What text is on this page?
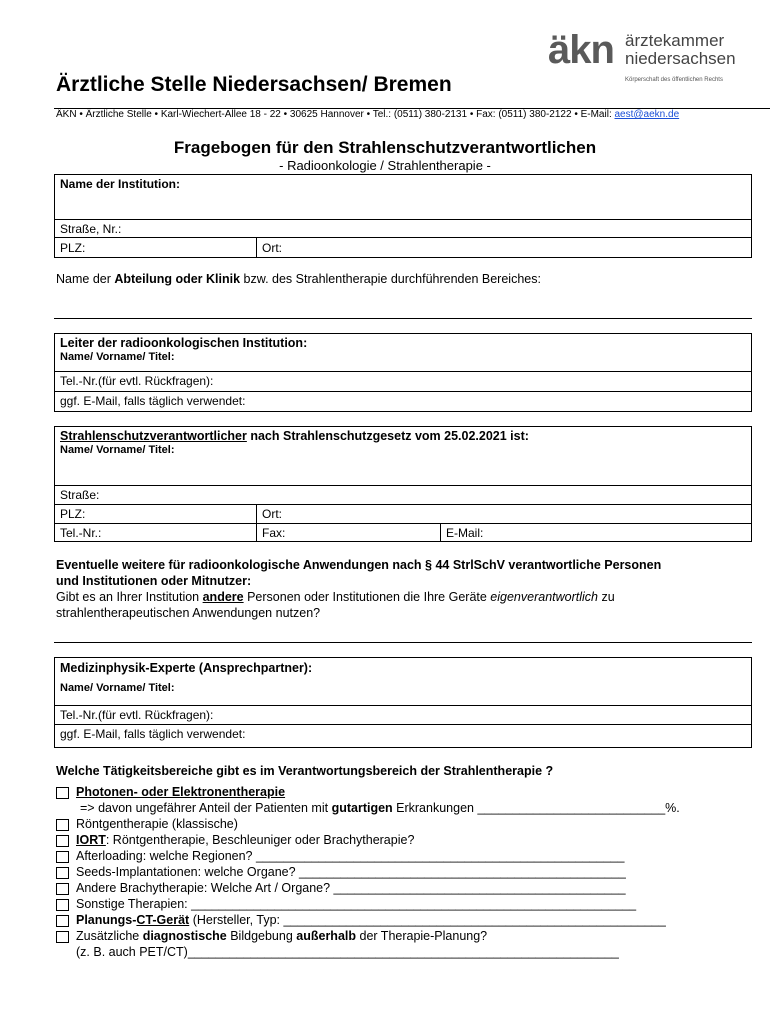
äkn ärztekammer
niedersachsen
Körperschaft des öffentlichen Rechts
Ärztliche Stelle Niedersachsen/ Bremen
ÄKN • Ärztliche Stelle • Karl-Wiechert-Allee 18 - 22 • 30625 Hannover • Tel.: (0511) 380-2131 • Fax: (0511) 380-2122 • E-Mail: aest@aekn.de
Fragebogen für den Strahlenschutzverantwortlichen
- Radioonkologie / Strahlentherapie -
Name der Institution:
Straße, Nr.:
PLZ:	Ort:
Name der Abteilung oder Klinik bzw. des Strahlentherapie durchführenden Bereiches:
Leiter der radioonkologischen Institution:
Name/ Vorname/ Titel:
Tel.-Nr.(für evtl. Rückfragen):
ggf. E-Mail, falls täglich verwendet:
Strahlenschutzverantwortlicher nach Strahlenschutzgesetz vom 25.02.2021 ist:
Name/ Vorname/ Titel:
Straße:
PLZ:	Ort:
Tel.-Nr.:	Fax:	E-Mail:
Eventuelle weitere für radioonkologische Anwendungen nach § 44 StrlSchV verantwortliche Personen
und Institutionen oder Mitnutzer:
Gibt es an Ihrer Institution andere Personen oder Institutionen die Ihre Geräte eigenverantwortlich zu
strahlentherapeutischen Anwendungen nutzen?
Medizinphysik-Experte (Ansprechpartner):
Name/ Vorname/ Titel:
Tel.-Nr.(für evtl. Rückfragen):
ggf. E-Mail, falls täglich verwendet:
Welche Tätigkeitsbereiche gibt es im Verantwortungsbereich der Strahlentherapie ?
Photonen- oder Elektronentherapie
=> davon ungefährer Anteil der Patienten mit gutartigen Erkrankungen ___________________________%.
Röntgentherapie (klassische)
IORT: Röntgentherapie, Beschleuniger oder Brachytherapie?
Afterloading: welche Regionen? _____________________________________________________
Seeds-Implantationen: welche Organe? _______________________________________________
Andere Brachytherapie: Welche Art / Organe? __________________________________________
Sonstige Therapien: ________________________________________________________________
Planungs-CT-Gerät (Hersteller, Typ: _______________________________________________________
Zusätzliche diagnostische Bildgebung außerhalb der Therapie-Planung?
(z. B. auch PET/CT)______________________________________________________________
